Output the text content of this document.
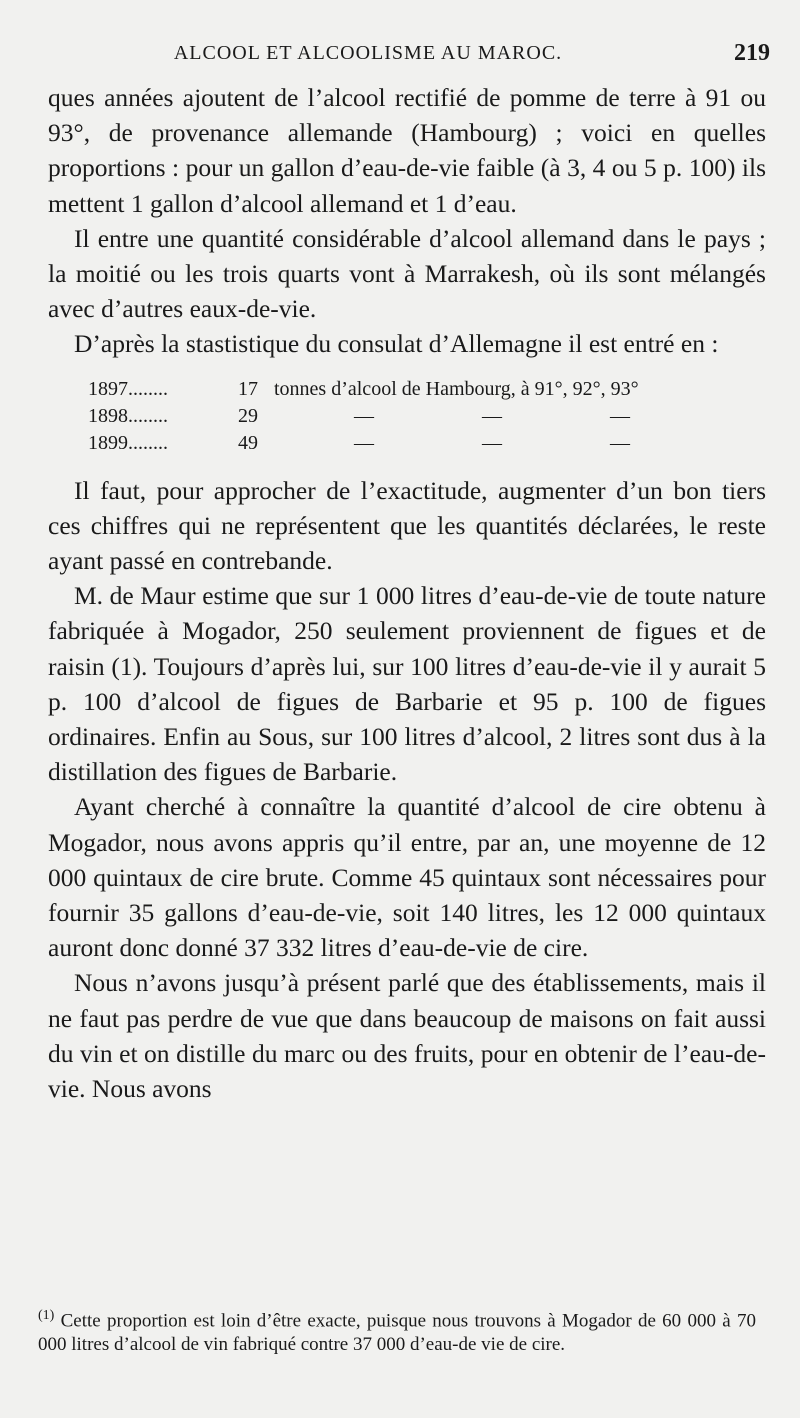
ALCOOL ET ALCOOLISME AU MAROC.	219

ques années ajoutent de l’alcool rectifié de pomme de terre à 91 ou 93°, de provenance allemande (Hambourg) ; voici en quelles proportions : pour un gallon d’eau-de-vie faible (à 3, 4 ou 5 p. 100) ils mettent 1 gallon d’alcool allemand et 1 d’eau.

Il entre une quantité considérable d’alcool allemand dans le pays ; la moitié ou les trois quarts vont à Marrakesh, où ils sont mélangés avec d’autres eaux-de-vie.

D’après la stastistique du consulat d’Allemagne il est entré en :

1897........	17 tonnes d’alcool de Hambourg, à 91°, 92°, 93°
1898........	29	—	—	—
1899........	49	—	—	—

Il faut, pour approcher de l’exactitude, augmenter d’un bon tiers ces chiffres qui ne représentent que les quantités déclarées, le reste ayant passé en contrebande.

M. de Maur estime que sur 1 000 litres d’eau-de-vie de toute nature fabriquée à Mogador, 250 seulement proviennent de figues et de raisin (1). Toujours d’après lui, sur 100 litres d’eau-de-vie il y aurait 5 p. 100 d’alcool de figues de Barbarie et 95 p. 100 de figues ordinaires. Enfin au Sous, sur 100 litres d’alcool, 2 litres sont dus à la distillation des figues de Barbarie.

Ayant cherché à connaître la quantité d’alcool de cire obtenu à Mogador, nous avons appris qu’il entre, par an, une moyenne de 12 000 quintaux de cire brute. Comme 45 quintaux sont nécessaires pour fournir 35 gallons d’eau-de-vie, soit 140 litres, les 12 000 quintaux auront donc donné 37 332 litres d’eau-de-vie de cire.

Nous n’avons jusqu’à présent parlé que des établissements, mais il ne faut pas perdre de vue que dans beaucoup de maisons on fait aussi du vin et on distille du marc ou des fruits, pour en obtenir de l’eau-de-vie. Nous avons

$^{(1)}$ Cette proportion est loin d’être exacte, puisque nous trouvons à Mogador de 60 000 à 70 000 litres d’alcool de vin fabriqué contre 37 000 d’eau-de vie de cire.
